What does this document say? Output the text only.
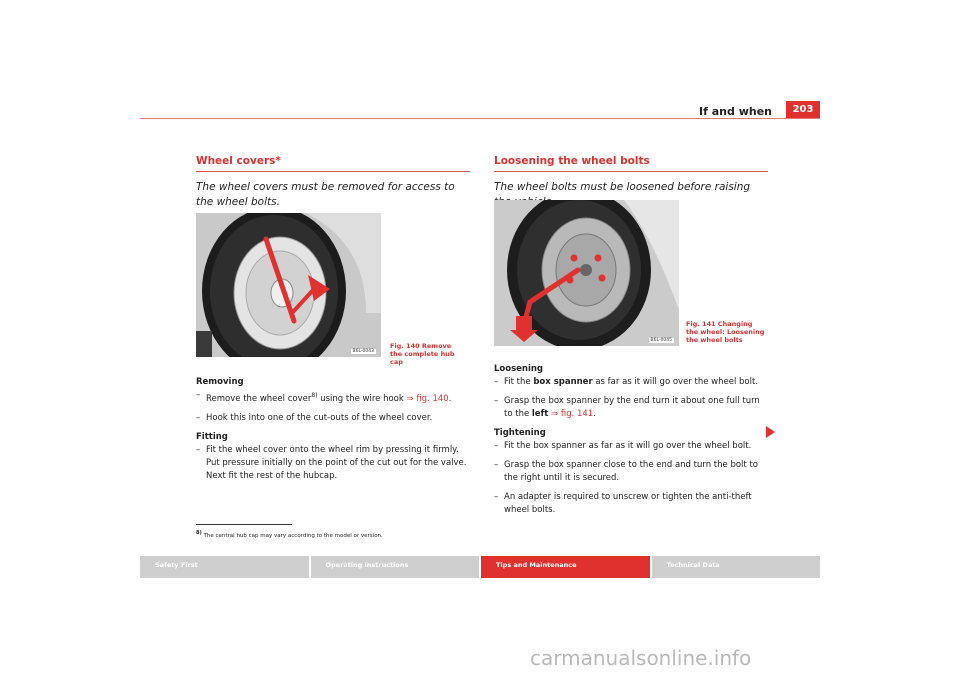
If and when	203
Wheel covers*
The wheel covers must be removed for access to the wheel bolts.
B6L-0043
Fig. 140 Remove the complete hub cap
Removing

– Remove the wheel cover$^{8)}$ using the wire hook ⇒ fig. 140.

– Hook this into one of the cut-outs of the wheel cover.

Fitting

– Fit the wheel cover onto the wheel rim by pressing it firmly. Put pressure initially on the point of the cut out for the valve. Next fit the rest of the hubcap.

$^{8)}$ The central hub cap may vary according to the model or version.
Loosening the wheel bolts
The wheel bolts must be loosened before raising
B6L-0045
Fig. 141 Changing the wheel: Loosening the wheel bolts
Loosening

– Fit the box spanner as far as it will go over the wheel bolt.

– Grasp the box spanner by the end turn it about one full turn to the left ⇒ fig. 141.

Tightening

– Fit the box spanner as far as it will go over the wheel bolt.

– Grasp the box spanner close to the end and turn the bolt to the right until it is secured.

– An adapter is required to unscrew or tighten the anti-theft wheel bolts.

Safety First	Operating instructions	Tips and Maintenance	Technical Data
carmanualsonline.info
